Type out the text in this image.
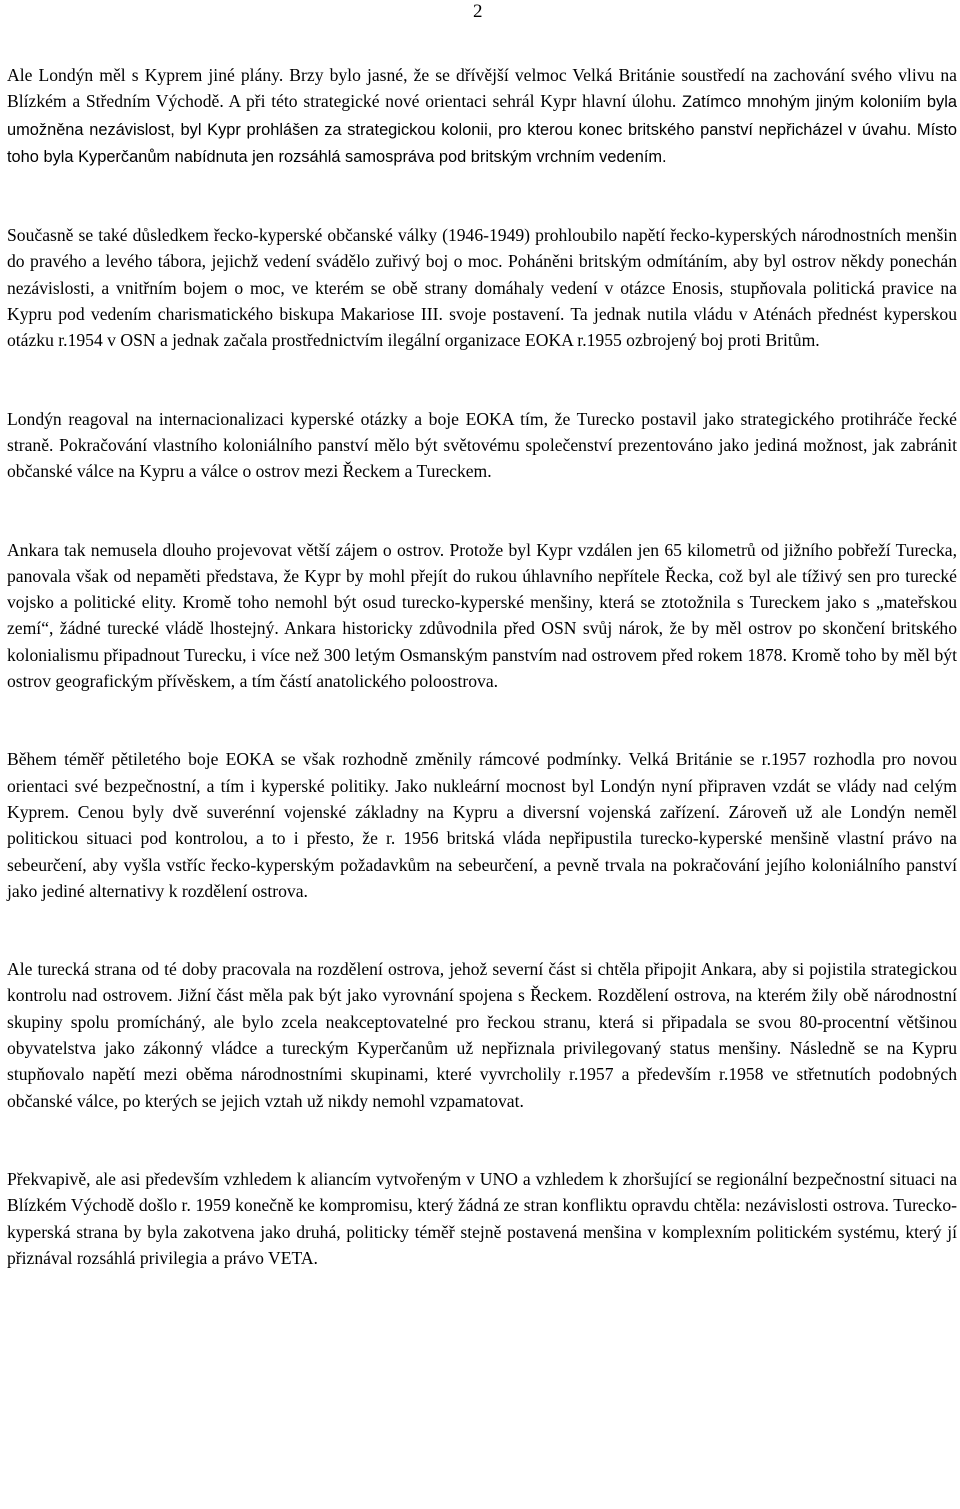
2

Ale Londýn měl s Kyprem jiné plány. Brzy bylo jasné, že se dřívější velmoc Velká Británie soustředí na zachování svého vlivu na Blízkém a Středním Východě. A při této strategické nové orientaci sehrál Kypr hlavní úlohu. Zatímco mnohým jiným koloniím byla umožněna nezávislost, byl Kypr prohlášen za strategickou kolonii, pro kterou konec britského panství nepřicházel v úvahu. Místo toho byla Kyperčanům nabídnuta jen rozsáhlá samospráva pod britským vrchním vedením.

Současně se také důsledkem řecko-kyperské občanské války (1946-1949) prohloubilo napětí řecko-kyperských národnostních menšin do pravého a levého tábora, jejichž vedení svádělo zuřivý boj o moc. Poháněni britským odmítáním, aby byl ostrov někdy ponechán nezávislosti, a vnitřním bojem o moc, ve kterém se obě strany domáhaly vedení v otázce Enosis, stupňovala politická pravice na Kypru pod vedením charismatického biskupa Makariose III. svoje postavení. Ta jednak nutila vládu v Aténách přednést kyperskou otázku r.1954 v OSN a jednak začala prostřednictvím ilegální organizace EOKA r.1955 ozbrojený boj proti Britům.

Londýn reagoval na internacionalizaci kyperské otázky a boje EOKA tím, že Turecko postavil jako strategického protihráče řecké straně. Pokračování vlastního koloniálního panství mělo být světovému společenství prezentováno jako jediná možnost, jak zabránit občanské válce na Kypru a válce o ostrov mezi Řeckem a Tureckem.

Ankara tak nemusela dlouho projevovat větší zájem o ostrov. Protože byl Kypr vzdálen jen 65 kilometrů od jižního pobřeží Turecka, panovala však od nepaměti představa, že Kypr by mohl přejít do rukou úhlavního nepřítele Řecka, což byl ale tíživý sen pro turecké vojsko a politické elity. Kromě toho nemohl být osud turecko-kyperské menšiny, která se ztotožnila s Tureckem jako s „mateřskou zemí“, žádné turecké vládě lhostejný. Ankara historicky zdůvodnila před OSN svůj nárok, že by měl ostrov po skončení britského kolonialismu připadnout Turecku, i více než 300 letým Osmanským panstvím nad ostrovem před rokem 1878. Kromě toho by měl být ostrov geografickým přívěskem, a tím částí anatolického poloostrova.

Během téměř pětiletého boje EOKA se však rozhodně změnily rámcové podmínky. Velká Británie se r.1957 rozhodla pro novou orientaci své bezpečnostní, a tím i kyperské politiky. Jako nukleární mocnost byl Londýn nyní připraven vzdát se vlády nad celým Kyprem. Cenou byly dvě suverénní vojenské základny na Kypru a diversní vojenská zařízení. Zároveň už ale Londýn neměl politickou situaci pod kontrolou, a to i přesto, že r. 1956 britská vláda nepřipustila turecko-kyperské menšině vlastní právo na sebeurčení, aby vyšla vstříc řecko-kyperským požadavkům na sebeurčení, a pevně trvala na pokračování jejího koloniálního panství jako jediné alternativy k rozdělení ostrova.

Ale turecká strana od té doby pracovala na rozdělení ostrova, jehož severní část si chtěla připojit Ankara, aby si pojistila strategickou kontrolu nad ostrovem. Jižní část měla pak být jako vyrovnání spojena s Řeckem. Rozdělení ostrova, na kterém žily obě národnostní skupiny spolu promícháný, ale bylo zcela neakceptovatelné pro řeckou stranu, která si připadala se svou 80-procentní většinou obyvatelstva jako zákonný vládce a tureckým Kyperčanům už nepřiznala privilegovaný status menšiny. Následně se na Kypru stupňovalo napětí mezi oběma národnostními skupinami, které vyvrcholily r.1957 a především r.1958 ve střetnutích podobných občanské válce, po kterých se jejich vztah už nikdy nemohl vzpamatovat.

Překvapivě, ale asi především vzhledem k aliancím vytvořeným v UNO a vzhledem k zhoršující se regionální bezpečnostní situaci na Blízkém Východě došlo r. 1959 konečně ke kompromisu, který žádná ze stran konfliktu opravdu chtěla: nezávislosti ostrova. Turecko-kyperská strana by byla zakotvena jako druhá, politicky téměř stejně postavená menšina v komplexním politickém systému, který jí přiznával rozsáhlá privilegia a právo VETA.
